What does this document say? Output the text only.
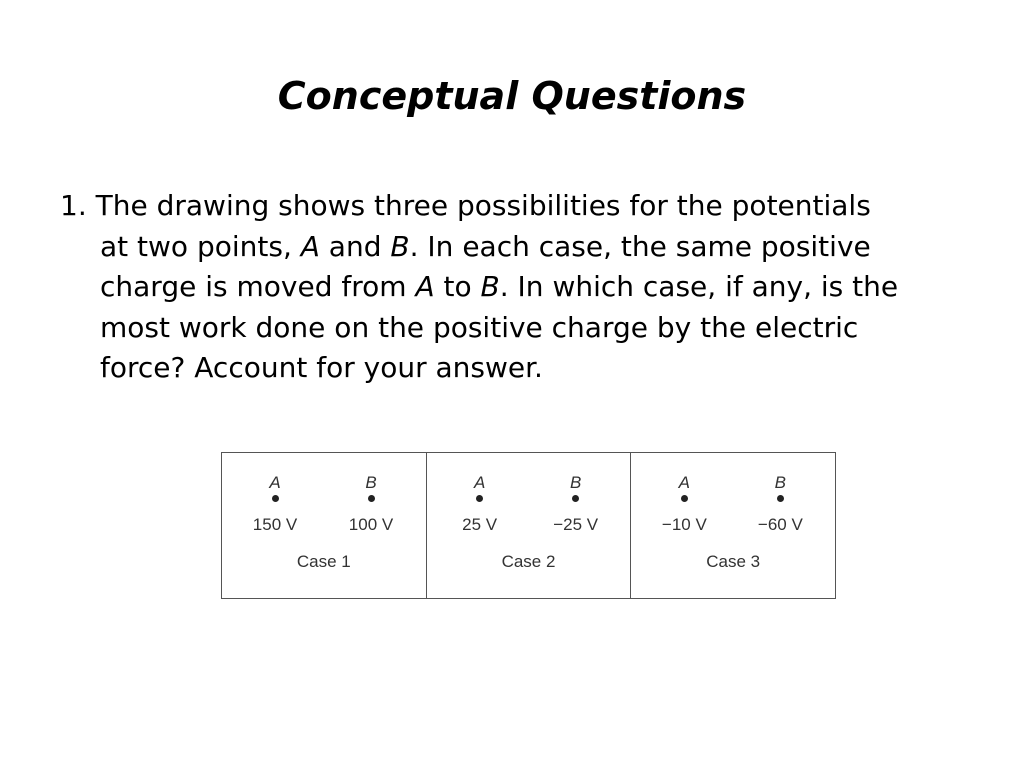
Conceptual Questions
1. The drawing shows three possibilities for the potentials
at two points, A and B. In each case, the same positive
charge is moved from A to B. In which case, if any, is the
most work done on the positive charge by the electric
force? Account for your answer.
A
150 V
B
100 V
Case 1
A
25 V
B
−25 V
Case 2
A
−10 V
B
−60 V
Case 3
